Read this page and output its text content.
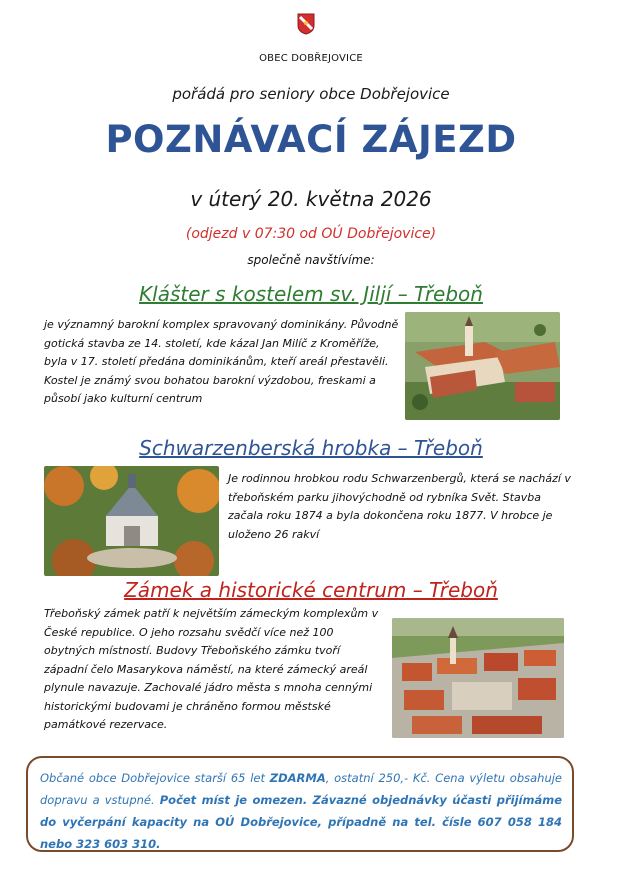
OBEC DOBŘEJOVICE
pořádá pro seniory obce Dobřejovice
POZNÁVACÍ ZÁJEZD
v úterý 20. května 2026
(odjezd v 07:30 od OÚ Dobřejovice)
společně navštívíme:
Klášter s kostelem sv. Jiljí – Třeboň
je významný barokní komplex spravovaný dominikány. Původně gotická stavba ze 14. století, kde kázal Jan Milíč z Kroměříže, byla v 17. století předána dominikánům, kteří areál přestavěli. Kostel je známý svou bohatou barokní výzdobou, freskami a působí jako kulturní centrum
Schwarzenberská hrobka – Třeboň
Je rodinnou hrobkou rodu Schwarzenbergů, která se nachází v třeboňském parku jihovýchodně od rybníka Svět. Stavba začala roku 1874 a byla dokončena roku 1877. V hrobce je uloženo 26 rakví
Zámek a historické centrum – Třeboň
Třeboňský zámek patří k největším zámeckým komplexům v České republice. O jeho rozsahu svědčí více než 100 obytných místností. Budovy Třeboňského zámku tvoří západní čelo Masarykova náměstí, na které zámecký areál plynule navazuje. Zachovalé jádro města s mnoha cennými historickými budovami je chráněno formou městské památkové rezervace.
Občané obce Dobřejovice starší 65 let ZDARMA, ostatní 250,- Kč. Cena výletu obsahuje dopravu a vstupné. Počet míst je omezen. Závazné objednávky účasti přijímáme do vyčerpání kapacity na OÚ Dobřejovice, případně na tel. čísle 607 058 184 nebo 323 603 310.
